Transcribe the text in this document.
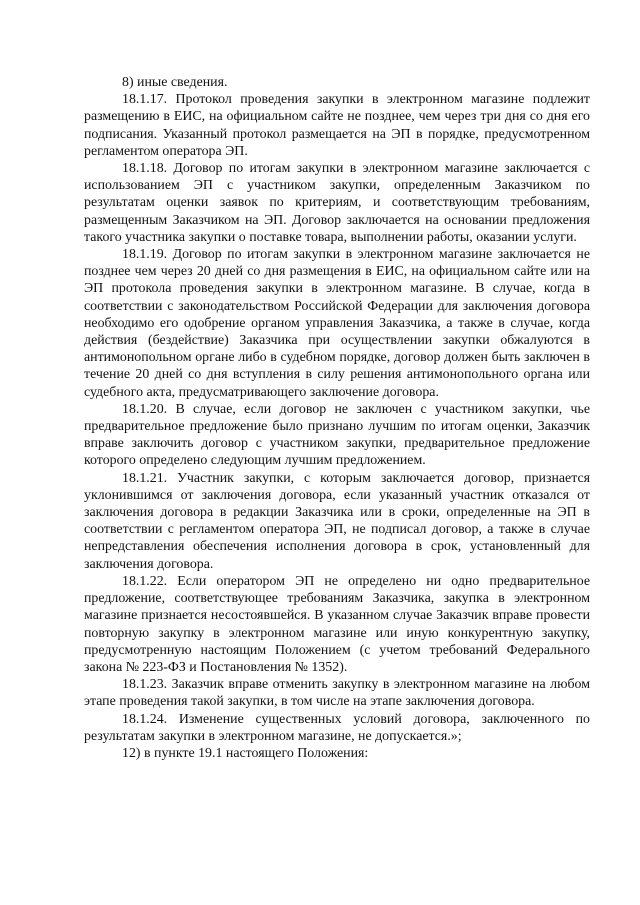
8) иные сведения.

18.1.17. Протокол проведения закупки в электронном магазине подлежит размещению в ЕИС, на официальном сайте не позднее, чем через три дня со дня его подписания. Указанный протокол размещается на ЭП в порядке, предусмотренном регламентом оператора ЭП.

18.1.18. Договор по итогам закупки в электронном магазине заключается с использованием ЭП с участником закупки, определенным Заказчиком по результатам оценки заявок по критериям, и соответствующим требованиям, размещенным Заказчиком на ЭП. Договор заключается на основании предложения такого участника закупки о поставке товара, выполнении работы, оказании услуги.

18.1.19. Договор по итогам закупки в электронном магазине заключается не позднее чем через 20 дней со дня размещения в ЕИС, на официальном сайте или на ЭП протокола проведения закупки в электронном магазине. В случае, когда в соответствии с законодательством Российской Федерации для заключения договора необходимо его одобрение органом управления Заказчика, а также в случае, когда действия (бездействие) Заказчика при осуществлении закупки обжалуются в антимонопольном органе либо в судебном порядке, договор должен быть заключен в течение 20 дней со дня вступления в силу решения антимонопольного органа или судебного акта, предусматривающего заключение договора.

18.1.20. В случае, если договор не заключен с участником закупки, чье предварительное предложение было признано лучшим по итогам оценки, Заказчик вправе заключить договор с участником закупки, предварительное предложение которого определено следующим лучшим предложением.

18.1.21. Участник закупки, с которым заключается договор, признается уклонившимся от заключения договора, если указанный участник отказался от заключения договора в редакции Заказчика или в сроки, определенные на ЭП в соответствии с регламентом оператора ЭП, не подписал договор, а также в случае непредставления обеспечения исполнения договора в срок, установленный для заключения договора.

18.1.22. Если оператором ЭП не определено ни одно предварительное предложение, соответствующее требованиям Заказчика, закупка в электронном магазине признается несостоявшейся. В указанном случае Заказчик вправе провести повторную закупку в электронном магазине или иную конкурентную закупку, предусмотренную настоящим Положением (с учетом требований Федерального закона № 223-ФЗ и Постановления № 1352).

18.1.23. Заказчик вправе отменить закупку в электронном магазине на любом этапе проведения такой закупки, в том числе на этапе заключения договора.

18.1.24. Изменение существенных условий договора, заключенного по результатам закупки в электронном магазине, не допускается.»;

12) в пункте 19.1 настоящего Положения:
